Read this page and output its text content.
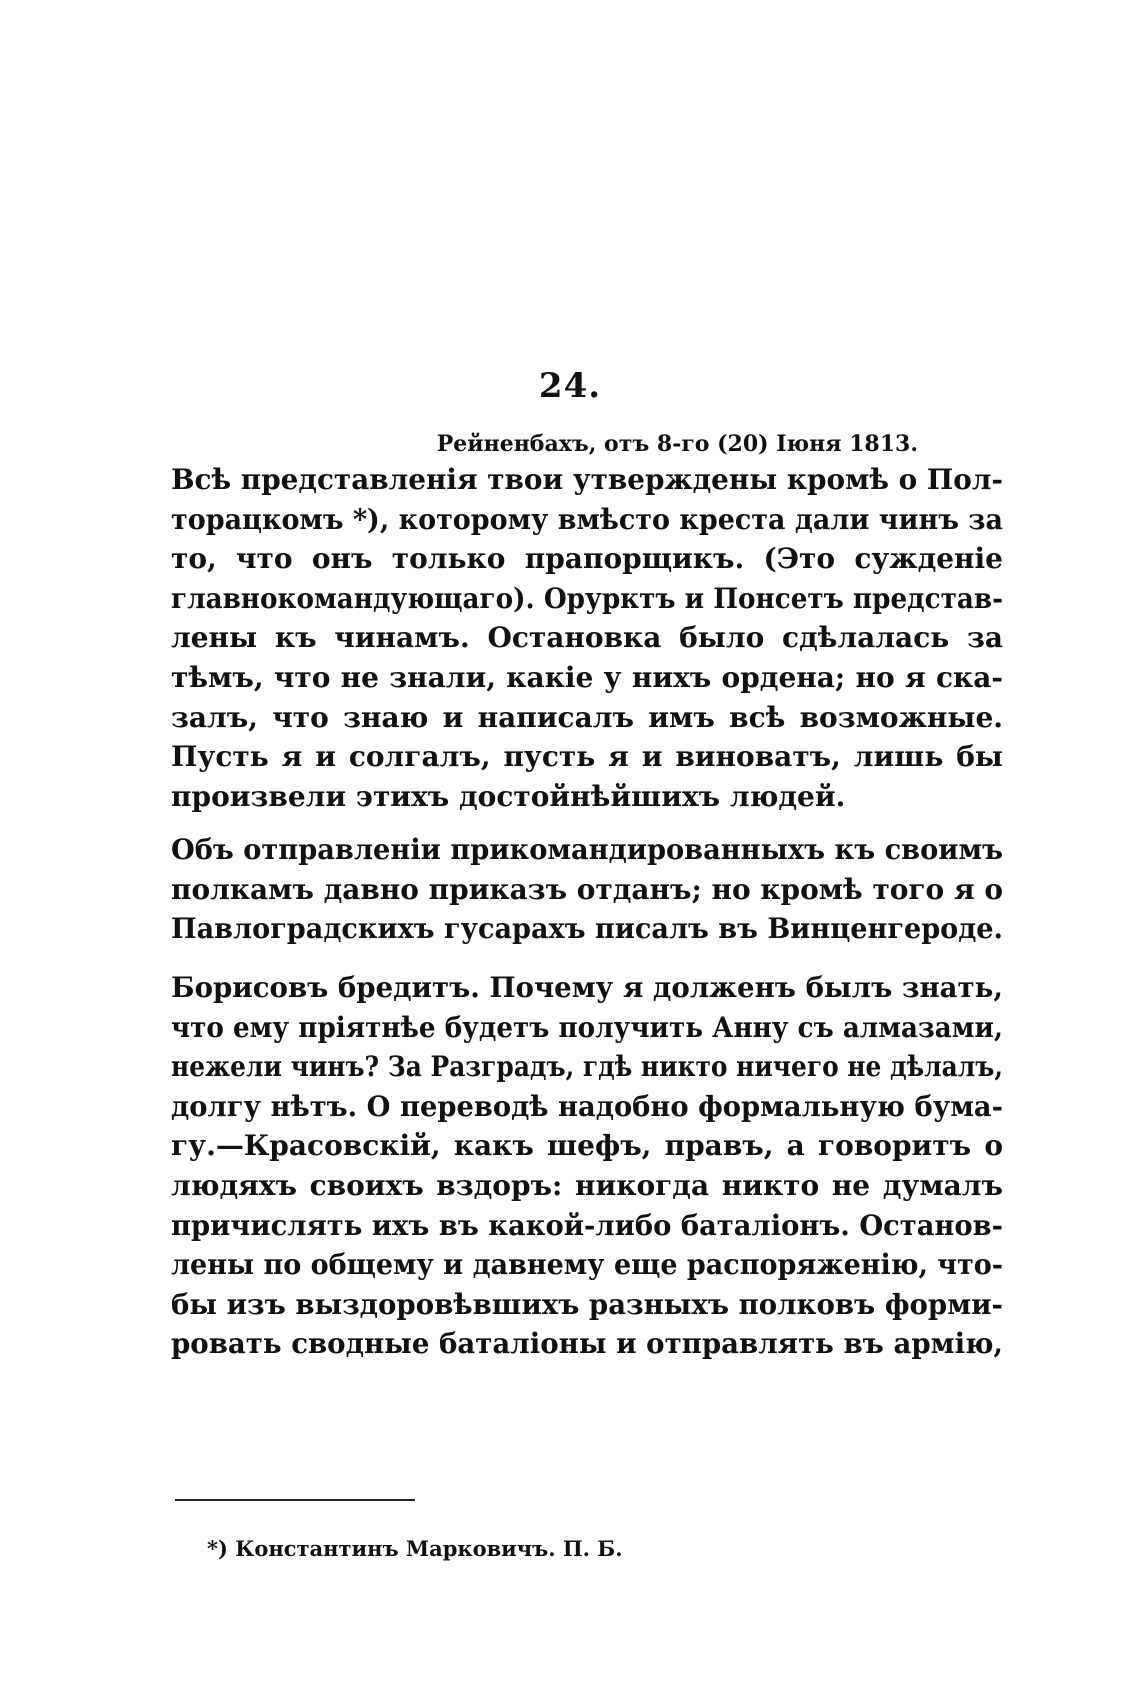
24.
Рейненбахъ, отъ 8-го (20) Іюня 1813.
Всѣ представленія твои утверждены кромѣ о Пол-
торацкомъ *), которому вмѣсто креста дали чинъ за
то, что онъ только прапорщикъ. (Это сужденіе
главнокомандующаго). Орурктъ и Понсетъ представ-
лены къ чинамъ. Остановка было сдѣлалась за
тѣмъ, что не знали, какіе у нихъ ордена; но я ска-
залъ, что знаю и написалъ имъ всѣ возможные.
Пусть я и солгалъ, пусть я и виноватъ, лишь бы
произвели этихъ достойнѣйшихъ людей.
Объ отправленіи прикомандированныхъ къ своимъ
полкамъ давно приказъ отданъ; но кромѣ того я о
Павлоградскихъ гусарахъ писалъ въ Винценгероде.
Борисовъ бредитъ. Почему я долженъ былъ знать,
что ему пріятнѣе будетъ получить Анну съ алмазами,
нежели чинъ? За Разградъ, гдѣ никто ничего не дѣлалъ,
долгу нѣтъ. О переводѣ надобно формальную бума-
гу.—Красовскій, какъ шефъ, правъ, а говоритъ о
людяхъ своихъ вздоръ: никогда никто не думалъ
причислять ихъ въ какой-либо баталіонъ. Останов-
лены по общему и давнему еще распоряженію, что-
бы изъ выздоровѣвшихъ разныхъ полковъ форми-
ровать сводные баталіоны и отправлять въ армію,
*) Константинъ Марковичъ. П. Б.
